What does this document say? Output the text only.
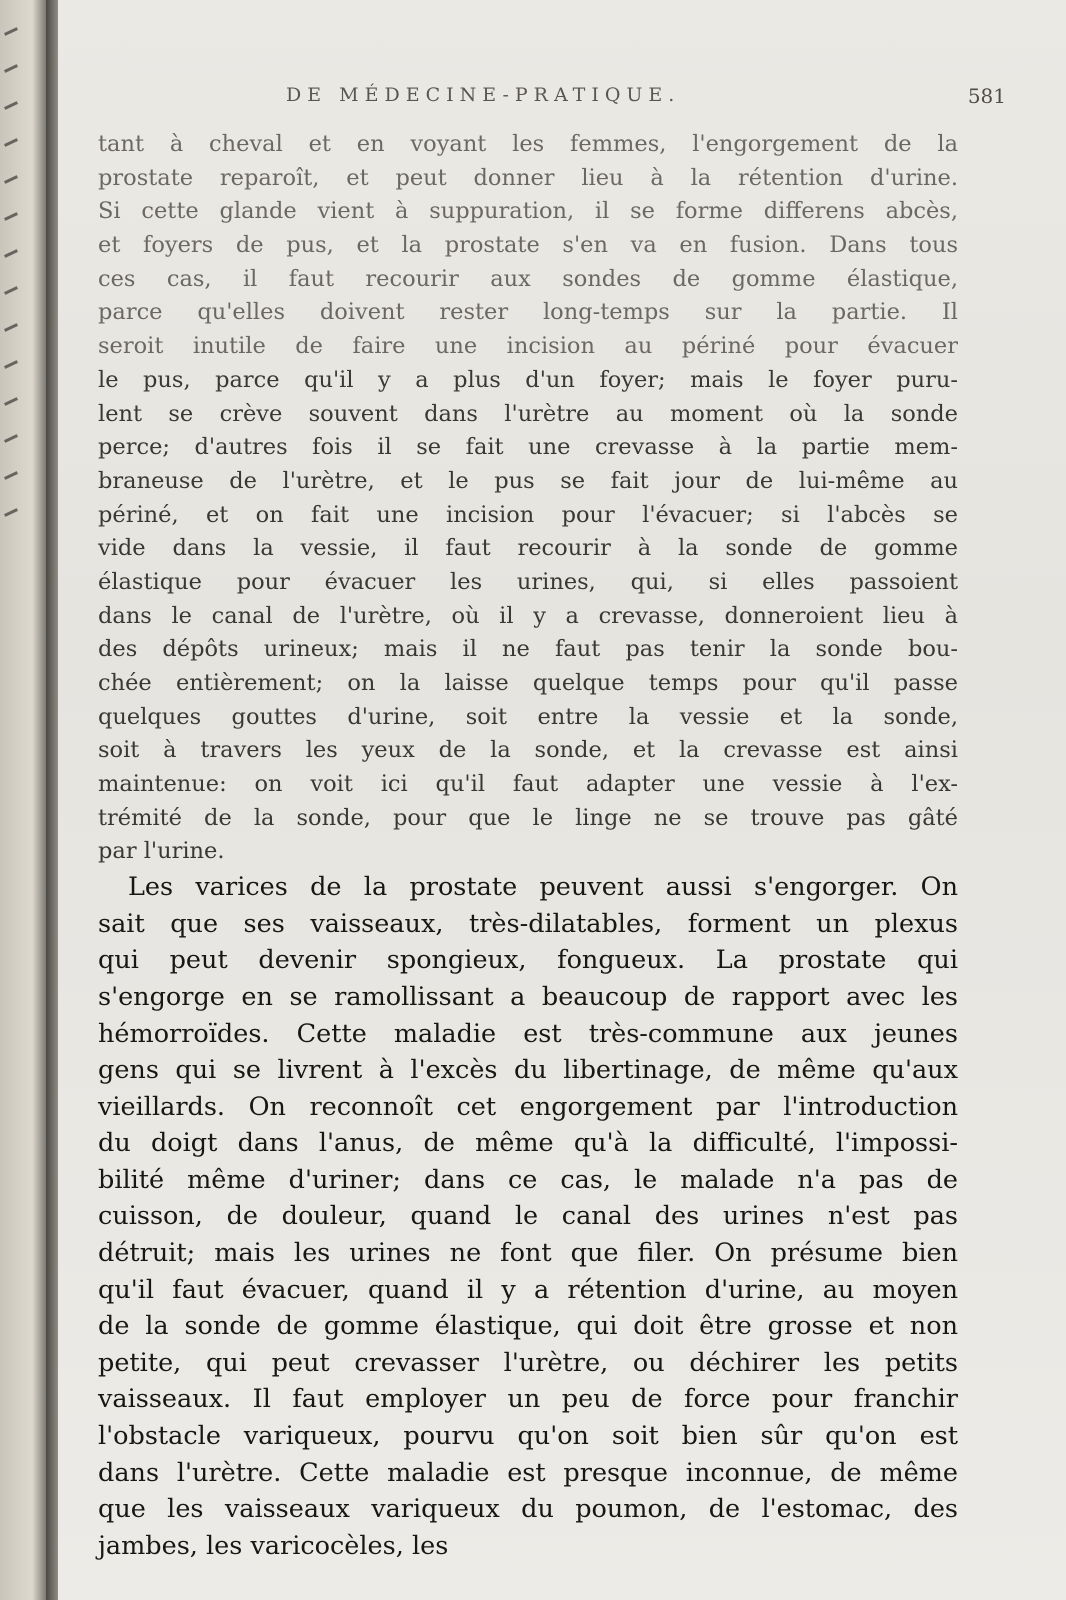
DE MÉDECINE-PRATIQUE.	581
tant à cheval et en voyant les femmes, l'engorgement de la
prostate reparoît, et peut donner lieu à la rétention d'urine.
Si cette glande vient à suppuration, il se forme differens abcès,
et foyers de pus, et la prostate s'en va en fusion. Dans tous
ces cas, il faut recourir aux sondes de gomme élastique,
parce qu'elles doivent rester long-temps sur la partie. Il
seroit inutile de faire une incision au périné pour évacuer
le pus, parce qu'il y a plus d'un foyer; mais le foyer puru-
lent se crève souvent dans l'urètre au moment où la sonde
perce; d'autres fois il se fait une crevasse à la partie mem-
braneuse de l'urètre, et le pus se fait jour de lui-même au
périné, et on fait une incision pour l'évacuer; si l'abcès se
vide dans la vessie, il faut recourir à la sonde de gomme
élastique pour évacuer les urines, qui, si elles passoient
dans le canal de l'urètre, où il y a crevasse, donneroient lieu à
des dépôts urineux; mais il ne faut pas tenir la sonde bou-
chée entièrement; on la laisse quelque temps pour qu'il passe
quelques gouttes d'urine, soit entre la vessie et la sonde,
soit à travers les yeux de la sonde, et la crevasse est ainsi
maintenue: on voit ici qu'il faut adapter une vessie à l'ex-
trémité de la sonde, pour que le linge ne se trouve pas gâté
par l'urine.
Les varices de la prostate peuvent aussi s'engorger. On
sait que ses vaisseaux, très-dilatables, forment un plexus
qui peut devenir spongieux, fongueux. La prostate qui
s'engorge en se ramollissant a beaucoup de rapport avec les
hémorroïdes. Cette maladie est très-commune aux jeunes
gens qui se livrent à l'excès du libertinage, de même qu'aux
vieillards. On reconnoît cet engorgement par l'introduction
du doigt dans l'anus, de même qu'à la difficulté, l'impossi-
bilité même d'uriner; dans ce cas, le malade n'a pas de
cuisson, de douleur, quand le canal des urines n'est pas
détruit; mais les urines ne font que filer. On présume bien
qu'il faut évacuer, quand il y a rétention d'urine, au moyen
de la sonde de gomme élastique, qui doit être grosse et non
petite, qui peut crevasser l'urètre, ou déchirer les petits
vaisseaux. Il faut employer un peu de force pour franchir
l'obstacle variqueux, pourvu qu'on soit bien sûr qu'on est
dans l'urètre. Cette maladie est presque inconnue, de même
que les vaisseaux variqueux du poumon, de l'estomac, des
jambes, les varicocèles, les
